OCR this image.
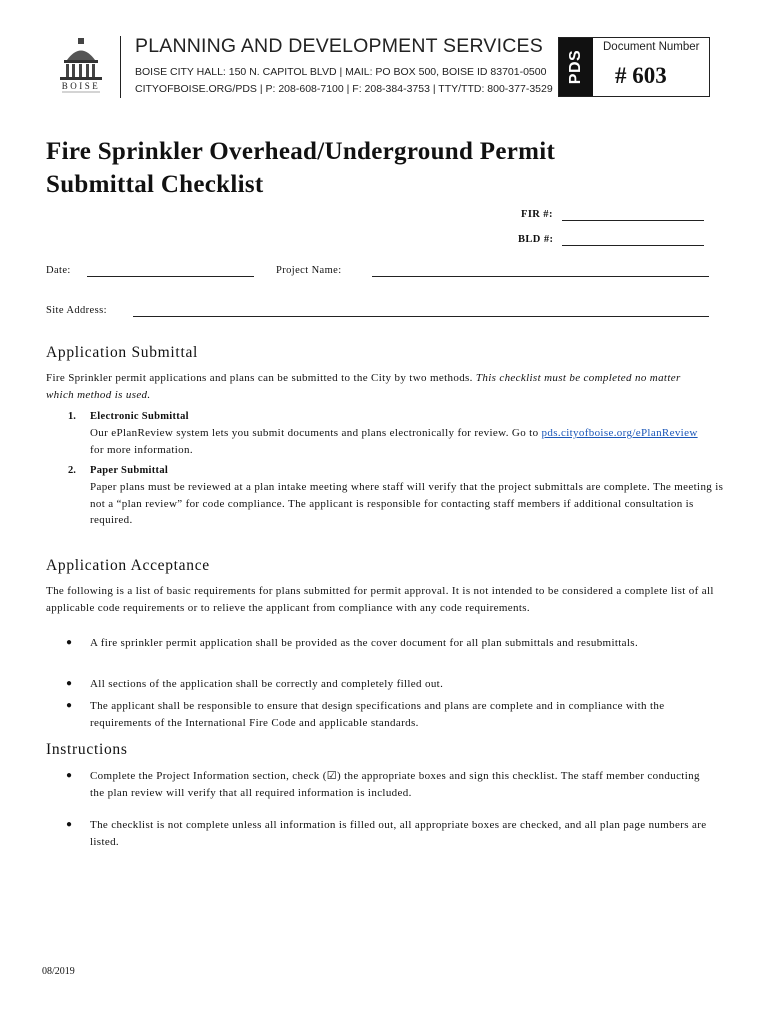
BOISE
PLANNING AND DEVELOPMENT SERVICES
BOISE CITY HALL: 150 N. CAPITOL BLVD | MAIL: PO BOX 500, BOISE ID 83701-0500
CITYOFBOISE.ORG/PDS | P: 208-608-7100 | F: 208-384-3753 | TTY/TTD: 800-377-3529
PDS
Document Number
# 603
Fire Sprinkler Overhead/Underground Permit
Submittal Checklist
FIR #:
BLD #:
Date:	Project Name:
Site Address:
Application Submittal
Fire Sprinkler permit applications and plans can be submitted to the City by two methods. This checklist must be completed no matter which method is used.
1. Electronic Submittal
Our ePlanReview system lets you submit documents and plans electronically for review. Go to pds.cityofboise.org/ePlanReview for more information.
2. Paper Submittal
Paper plans must be reviewed at a plan intake meeting where staff will verify that the project submittals are complete. The meeting is not a “plan review” for code compliance. The applicant is responsible for contacting staff members if additional consultation is required.
Application Acceptance
The following is a list of basic requirements for plans submitted for permit approval. It is not intended to be considered a complete list of all applicable code requirements or to relieve the applicant from compliance with any code requirements.
● A fire sprinkler permit application shall be provided as the cover document for all plan submittals and resubmittals.
● All sections of the application shall be correctly and completely filled out.
● The applicant shall be responsible to ensure that design specifications and plans are complete and in compliance with the requirements of the International Fire Code and applicable standards.
Instructions
● Complete the Project Information section, check (☑) the appropriate boxes and sign this checklist. The staff member conducting the plan review will verify that all required information is included.
● The checklist is not complete unless all information is filled out, all appropriate boxes are checked, and all plan page numbers are listed.
08/2019
